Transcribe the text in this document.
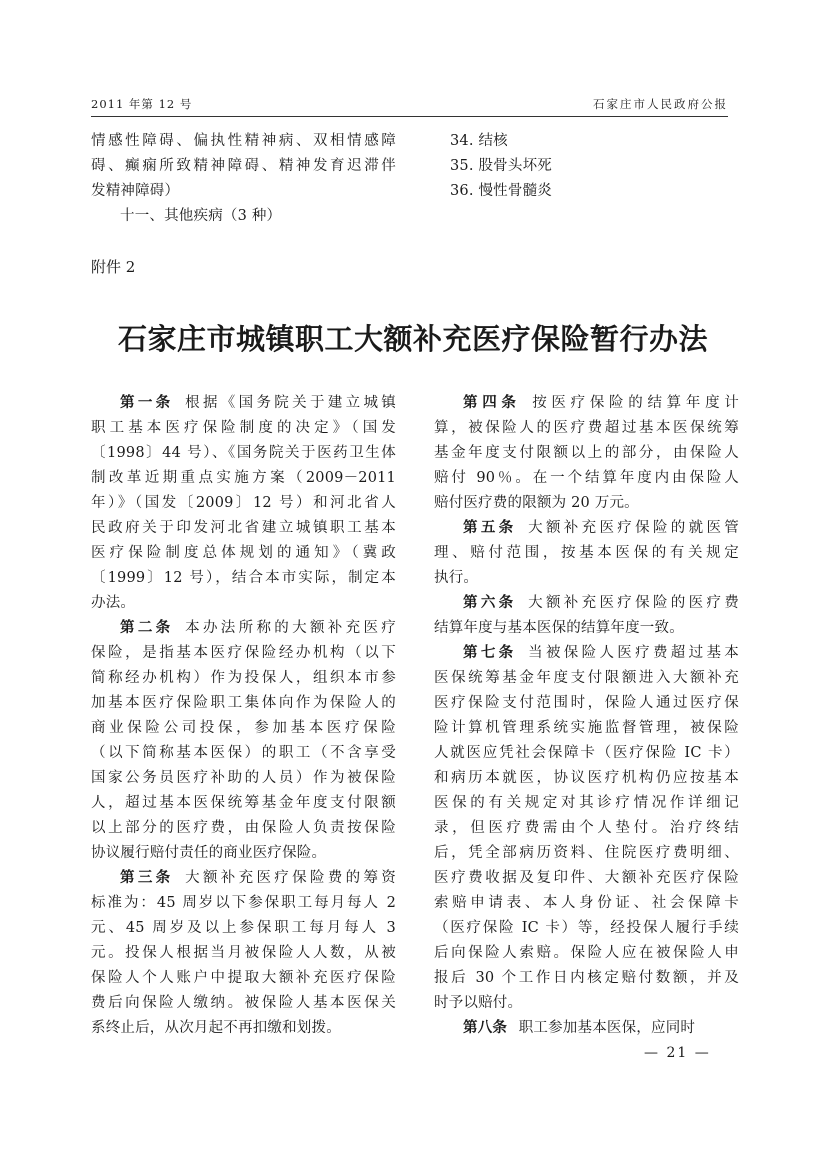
2011 年第 12 号	石家庄市人民政府公报
情感性障碍、偏执性精神病、双相情感障
碍、癫痫所致精神障碍、精神发育迟滞伴
发精神障碍）
十一、其他疾病（3 种）
34. 结核
35. 股骨头坏死
36. 慢性骨髓炎
附件 2
石家庄市城镇职工大额补充医疗保险暂行办法
第一条 根据《国务院关于建立城镇
职工基本医疗保险制度的决定》（国发
〔1998〕44 号）、《国务院关于医药卫生体
制改革近期重点实施方案（2009－2011
年）》（国发〔2009〕12 号）和河北省人
民政府关于印发河北省建立城镇职工基本
医疗保险制度总体规划的通知》（冀政
〔1999〕12 号），结合本市实际，制定本
办法。
第二条 本办法所称的大额补充医疗
保险，是指基本医疗保险经办机构（以下
简称经办机构）作为投保人，组织本市参
加基本医疗保险职工集体向作为保险人的
商业保险公司投保，参加基本医疗保险
（以下简称基本医保）的职工（不含享受
国家公务员医疗补助的人员）作为被保险
人，超过基本医保统筹基金年度支付限额
以上部分的医疗费，由保险人负责按保险
协议履行赔付责任的商业医疗保险。
第三条 大额补充医疗保险费的筹资
标准为：45 周岁以下参保职工每月每人 2
元、45 周岁及以上参保职工每月每人 3
元。投保人根据当月被保险人人数，从被
保险人个人账户中提取大额补充医疗保险
费后向保险人缴纳。被保险人基本医保关
系终止后，从次月起不再扣缴和划拨。
第四条 按医疗保险的结算年度计
算，被保险人的医疗费超过基本医保统筹
基金年度支付限额以上的部分，由保险人
赔付 90％。在一个结算年度内由保险人
赔付医疗费的限额为 20 万元。
第五条 大额补充医疗保险的就医管
理、赔付范围，按基本医保的有关规定
执行。
第六条 大额补充医疗保险的医疗费
结算年度与基本医保的结算年度一致。
第七条 当被保险人医疗费超过基本
医保统筹基金年度支付限额进入大额补充
医疗保险支付范围时，保险人通过医疗保
险计算机管理系统实施监督管理，被保险
人就医应凭社会保障卡（医疗保险 IC 卡）
和病历本就医，协议医疗机构仍应按基本
医保的有关规定对其诊疗情况作详细记
录，但医疗费需由个人垫付。治疗终结
后，凭全部病历资料、住院医疗费明细、
医疗费收据及复印件、大额补充医疗保险
索赔申请表、本人身份证、社会保障卡
（医疗保险 IC 卡）等，经投保人履行手续
后向保险人索赔。保险人应在被保险人申
报后 30 个工作日内核定赔付数额，并及
时予以赔付。
第八条 职工参加基本医保，应同时
— 21 —
